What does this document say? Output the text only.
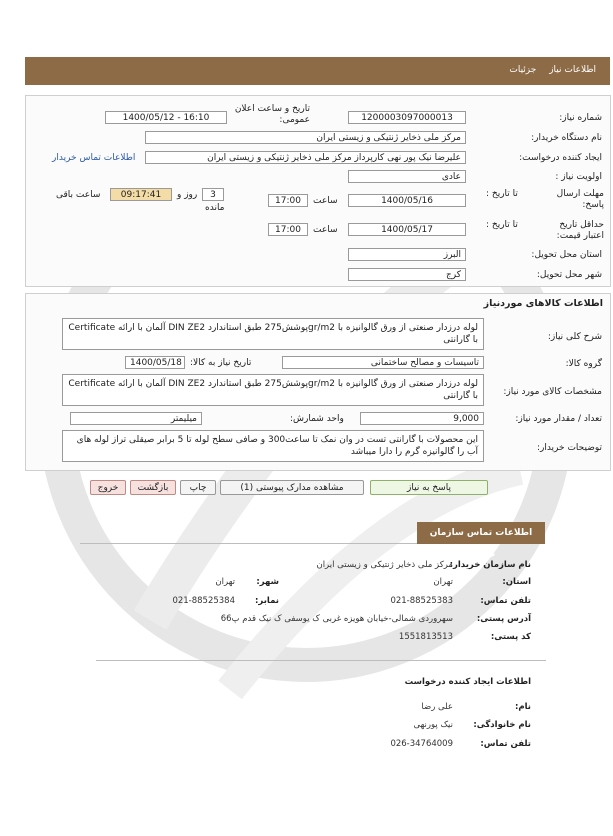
اطلاعات نیاز جزئیات
شماره نیاز:
1200003097000013
تاریخ و ساعت اعلان عمومی:
1400/05/12 - 16:10
نام دستگاه خریدار:
مرکز ملی ذخایر ژنتیکی و زیستی ایران
ایجاد کننده درخواست:
علیرضا نیک پور نهی کارپرداز مرکز ملی ذخایر ژنتیکی و زیستی ایران
اطلاعات تماس خریدار
اولویت نیاز :
عادی
مهلت ارسال پاسخ:
تا تاریخ :
1400/05/16
ساعت
17:00
3
روز و
مانده
09:17:41
ساعت باقی
حداقل تاریخ اعتبار قیمت:
تا تاریخ :
1400/05/17
ساعت
17:00
استان محل تحویل:
البرز
شهر محل تحویل:
کرج
اطلاعات کالاهای موردنیاز
شرح کلی نیاز:
لوله درزدار صنعتی از ورق گالوانیزه با gr/m2پوشش275 طبق استاندارد DIN ZE2 آلمان با ارائه Certificate با گارانتی
گروه کالا:
تاسیسات و مصالح ساختمانی
تاریخ نیاز به کالا:
1400/05/18
مشخصات کالای مورد نیاز:
لوله درزدار صنعتی از ورق گالوانیزه با gr/m2پوشش275 طبق استاندارد DIN ZE2 آلمان با ارائه Certificate با گارانتی
تعداد / مقدار مورد نیاز:
9,000
واحد شمارش:
میلیمتر
توضیحات خریدار:
این محصولات با گارانتی تست در وان نمک تا ساعت300 و صافی سطح لوله تا 5 برابر صیقلی تراز لوله های آب را گالوانیزه گرم را دارا میباشد
پاسخ به نیاز
مشاهده مدارک پیوستی (1)
چاپ
بازگشت
خروج
اطلاعات تماس سازمان خریدار
نام سازمان خریدار:
مرکز ملی ذخایر ژنتیکی و زیستی ایران
استان:
تهران
شهر:
تهران
تلفن تماس:
021-88525383
نمابر:
021-88525384
آدرس پستی:
سهروردی شمالی-خیابان هویزه غربی ک یوسفی ک نیک قدم پ66
کد پستی:
1551813513
اطلاعات ایجاد کننده درخواست
نام:
علی رضا
نام خانوادگی:
نیک پورنهی
تلفن تماس:
026-34764009
